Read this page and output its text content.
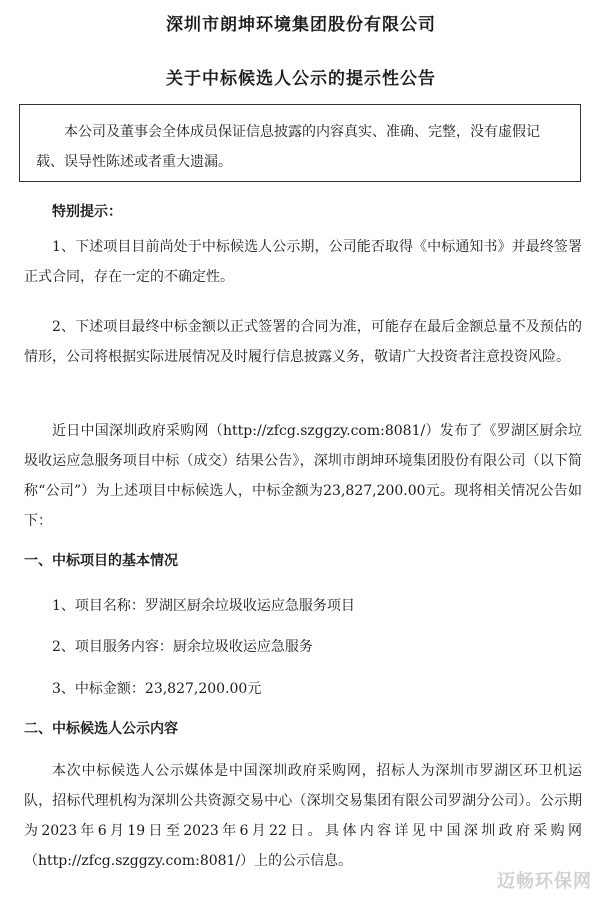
深圳市朗坤环境集团股份有限公司
关于中标候选人公示的提示性公告
本公司及董事会全体成员保证信息披露的内容真实、准确、完整，没有虚假记载、误导性陈述或者重大遗漏。
特别提示：
1、下述项目目前尚处于中标候选人公示期，公司能否取得《中标通知书》并最终签署正式合同，存在一定的不确定性。
2、下述项目最终中标金额以正式签署的合同为准，可能存在最后金额总量不及预估的情形，公司将根据实际进展情况及时履行信息披露义务，敬请广大投资者注意投资风险。
近日中国深圳政府采购网（http://zfcg.szggzy.com:8081/）发布了《罗湖区厨余垃圾收运应急服务项目中标（成交）结果公告》，深圳市朗坤环境集团股份有限公司（以下简称“公司”）为上述项目中标候选人，中标金额为23,827,200.00元。现将相关情况公告如下：
一、中标项目的基本情况
1、项目名称：罗湖区厨余垃圾收运应急服务项目
2、项目服务内容：厨余垃圾收运应急服务
3、中标金额：23,827,200.00元
二、中标候选人公示内容
本次中标候选人公示媒体是中国深圳政府采购网，招标人为深圳市罗湖区环卫机运队，招标代理机构为深圳公共资源交易中心（深圳交易集团有限公司罗湖分公司）。公示期为2023年6月19日至2023年6月22日。具体内容详见中国深圳政府采购网（http://zfcg.szggzy.com:8081/）上的公示信息。
迈畅环保网
